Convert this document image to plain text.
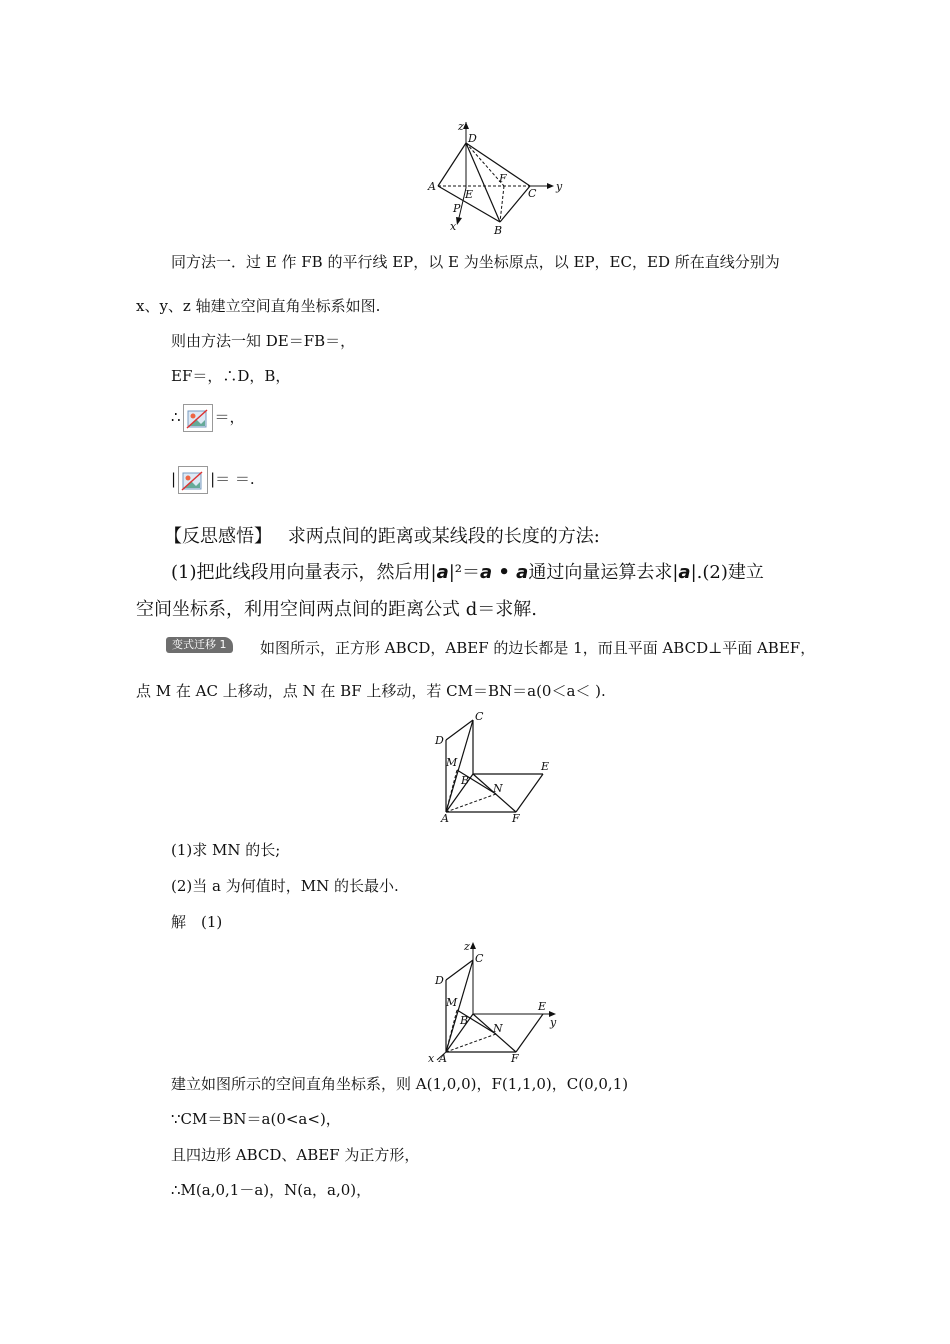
z
D
A
E
F
C
y
P
x	B
同方法一．过 E 作 FB 的平行线 EP，以 E 为坐标原点，以 EP，EC，ED 所在直线分别为
x、y、z 轴建立空间直角坐标系如图.
则由方法一知 DE＝FB＝，
EF＝，∴D，B，
∴ ＝，
| |＝ ＝.
【反思感悟】 求两点间的距离或某线段的长度的方法:
(1)把此线段用向量表示，然后用|a|²＝a • a通过向量运算去求|a|.(2)建立
空间坐标系，利用空间两点间的距离公式 d＝求解.
变式迁移 1	如图所示，正方形 ABCD，ABEF 的边长都是 1，而且平面 ABCD⊥平面 ABEF，
点 M 在 AC 上移动，点 N 在 BF 上移动，若 CM＝BN＝a(0＜a＜ ).
C
D
M	E
B
N
A	F
(1)求 MN 的长;
(2)当 a 为何值时，MN 的长最小.
解　(1)
z
C
D
M	E
y
B
N
x A	F
建立如图所示的空间直角坐标系，则 A(1,0,0)，F(1,1,0)，C(0,0,1)
∵CM＝BN＝a(0<a<)，
且四边形 ABCD、ABEF 为正方形，
∴M(a,0,1－a)，N(a，a,0)，
